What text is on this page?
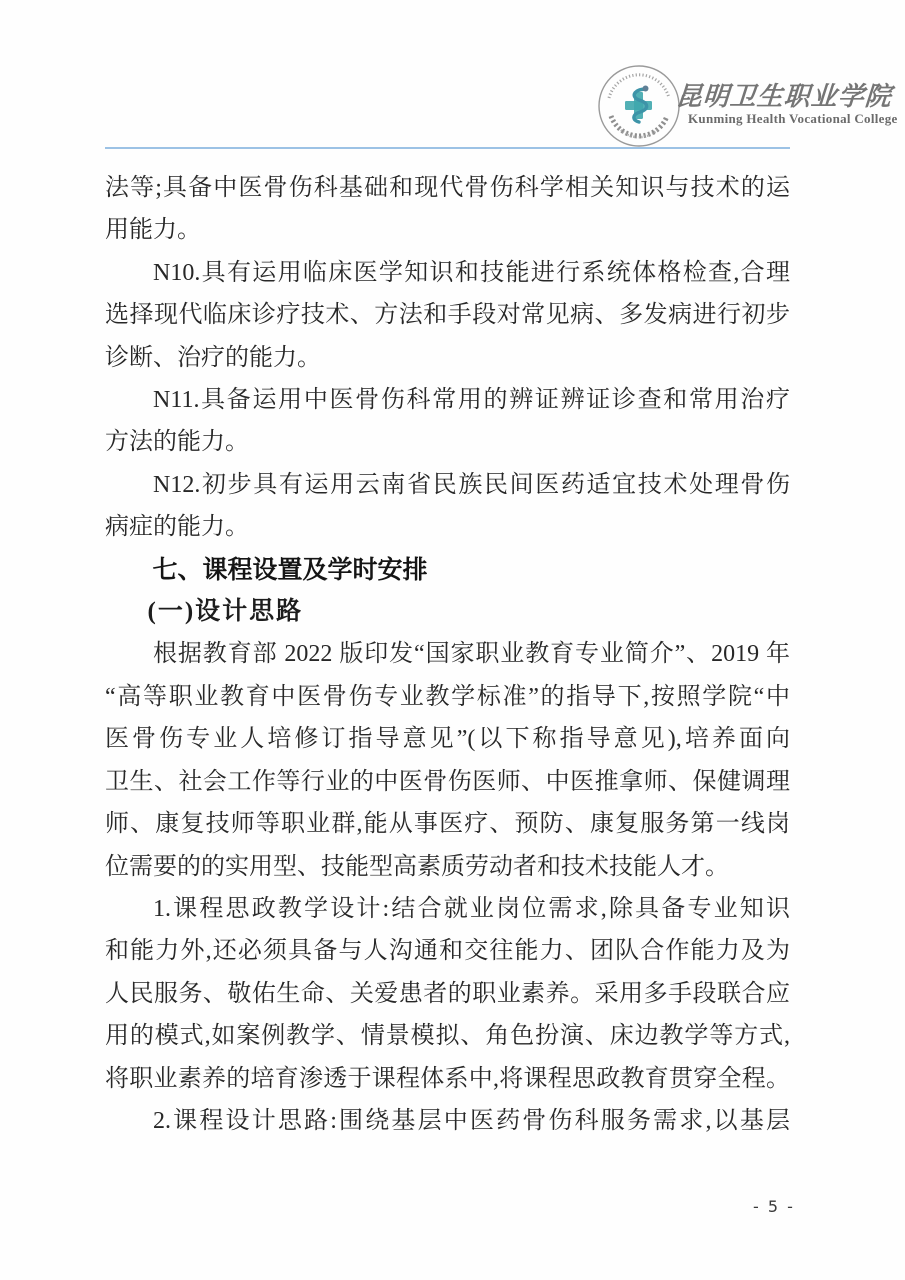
昆明卫生职业学院
Kunming Health Vocational College
法等;具备中医骨伤科基础和现代骨伤科学相关知识与技术的运
用能力。
N10.具有运用临床医学知识和技能进行系统体格检查,合理
选择现代临床诊疗技术、方法和手段对常见病、多发病进行初步
诊断、治疗的能力。
N11.具备运用中医骨伤科常用的辨证辨证诊查和常用治疗
方法的能力。
N12.初步具有运用云南省民族民间医药适宜技术处理骨伤
病症的能力。
七、课程设置及学时安排
(一)设计思路
根据教育部 2022 版印发“国家职业教育专业简介”、2019 年
“高等职业教育中医骨伤专业教学标准”的指导下,按照学院“中
医骨伤专业人培修订指导意见”(以下称指导意见),培养面向
卫生、社会工作等行业的中医骨伤医师、中医推拿师、保健调理
师、康复技师等职业群,能从事医疗、预防、康复服务第一线岗
位需要的的实用型、技能型高素质劳动者和技术技能人才。
1.课程思政教学设计:结合就业岗位需求,除具备专业知识
和能力外,还必须具备与人沟通和交往能力、团队合作能力及为
人民服务、敬佑生命、关爱患者的职业素养。采用多手段联合应
用的模式,如案例教学、情景模拟、角色扮演、床边教学等方式,
将职业素养的培育渗透于课程体系中,将课程思政教育贯穿全程。
2.课程设计思路:围绕基层中医药骨伤科服务需求,以基层
- 5 -
